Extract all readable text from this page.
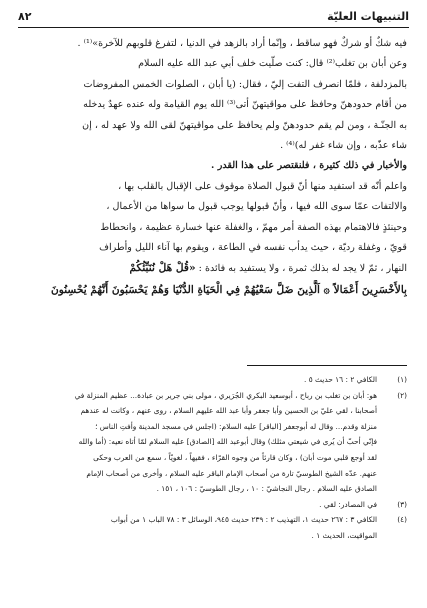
التنبيهات العليّة
٨٢
فيه شكٌ أو شركٌ فهو ساقط ، وإنّما أراد بالزهد في الدنيا ، لتفرغ قلوبهم للآخرة»⁽¹⁾ .
وعن أبان بن تغلب⁽²⁾ قال: كنت صلّيت خلف أبي عبد الله عليه السلام
بالمزدلفة ، فلمّا انصرف التفت إليّ ، فقال: (يا أبان ، الصلوات الخمس المفروضات
من أقام حدودهنّ وحافظ على مواقيتهنّ أتى⁽³⁾ الله يوم القيامة وله عنده عهدٌ يدخله
به الجنّـة ، ومن لم يقم حدودهنّ ولم يحافظ على مواقيتهنّ لقى الله ولا عهد له ، إن
شاء عذّبه ، وإن شاء غفر له)⁽⁴⁾ .
والأخبار في ذلك كثيرة ، فلنقتصر على هذا القدر .
واعلم أنّه قد استفيد منها أنّ قبول الصلاة موقوف على الإقبال بالقلب بها ،
والالتفات عمّا سوى الله فيها ، وأنّ قبولها يوجب قبول ما سواها من الأعمال ،
وحينئذٍ فالاهتمام بهذه الصفة أمر مهمّ ، والغفلة عنها خسارة عظيمة ، وانحطاط
قويّ ، وغفلة رديّة ، حيث يدأب نفسه في الطاعة ، ويقوم بها آناء الليل وأطراف
النهار ، ثمّ لا يجد له بذلك ثمرة ، ولا يستفيد به فائدة : «قُلْ هَلْ نُنَبِّئُكُمْ
بِالأَخْسَرِينَ أَعْمَالاً ۞ اَلَّذِينَ ضَلَّ سَعْيُهُمْ فِي الْحَيَاةِ الدُّنْيَا وَهُمْ يَحْسَبُونَ أَنَّهُمْ يُحْسِنُونَ
(١)
الكافي ٢ : ١٦ حديث ٥ .
(٢)
هو: أبان بن تغلب بن رباح ، أبوسعيد البكري الجُرَيري ، مولى بني جرير بن عبادة... عظيم المنزلة في
أصحابنا ، لقي عليّ بن الحسين وأبا جعفر وأبا عبد الله عليهم السلام ، روى عنهم ، وكانت له عندهم
منزلة وقدم... وقال له أبوجعفر [الباقر] عليه السلام: (اجلس في مسجد المدينة وأفتِ الناس ؛
فإنّي أحبّ أن يُرى في شيعتي مثلك) وقال أبوعبد الله [الصادق] عليه السلام لمّا أتاه نعيه: (أما والله
لقد أوجع قلبي موت أبان) ، وكان قارئاً من وجوه القرّاء ، فقيهاً ، لغويّاً ، سمع من العرب وحكى
عنهم. عدّه الشيخ الطوسيّ تارة من أصحاب الإمام الباقر عليه السلام ، وأخرى من أصحاب الإمام
الصادق عليه السلام . رجال النجاشيّ : ١٠ ، رجال الطوسيّ : ١٠٦ ، ١٥١ .
(٣)
في المصادر: لقي .
(٤)
الكافي ٣ : ٢٦٧ حديث ١، التهذيب ٢ : ٢٣٩ حديث ٩٤٥، الوسائل ٣ : ٧٨ الباب ١ من أبواب
المواقيت، الحديث ١ .
